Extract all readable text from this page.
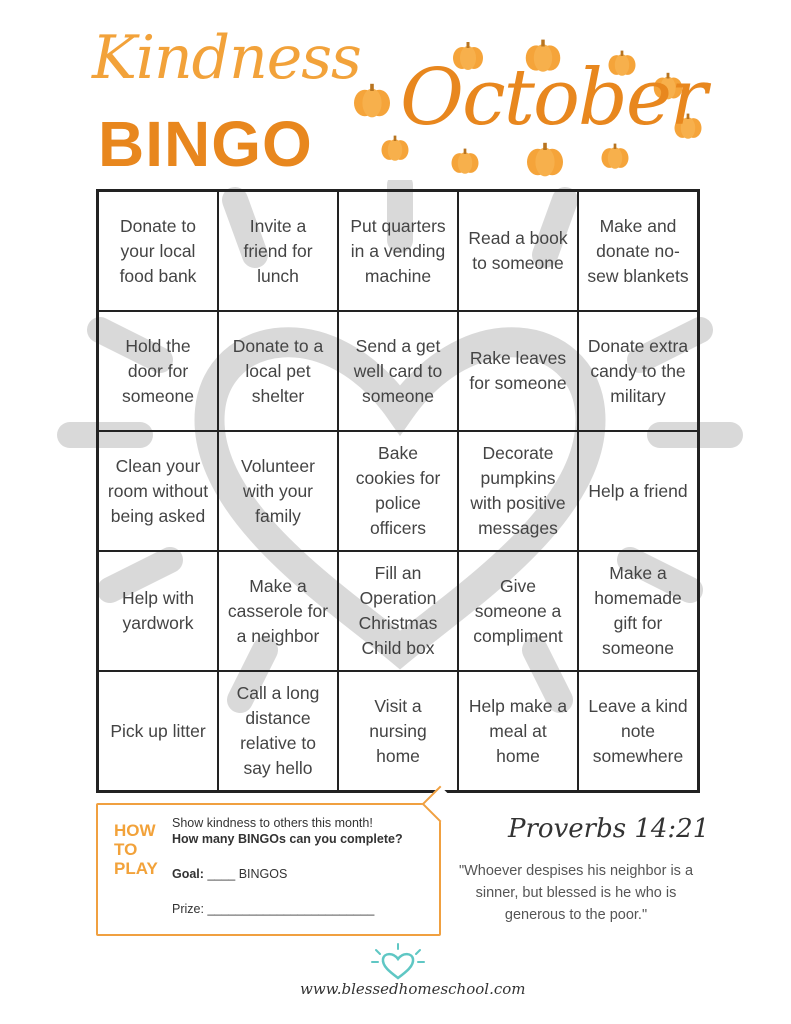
Kindness
BINGO
October
Donate to your local food bank
Invite a friend for lunch
Put quarters in a vending machine
Read a book to someone
Make and donate no-sew blankets
Hold the door for someone
Donate to a local pet shelter
Send a get well card to someone
Rake leaves for someone
Donate extra candy to the military
Clean your room without being asked
Volunteer with your family
Bake cookies for police officers
Decorate pumpkins with positive messages
Help a friend
Help with yardwork
Make a casserole for a neighbor
Fill an Operation Christmas Child box
Give someone a compliment
Make a homemade gift for someone
Pick up litter
Call a long distance relative to say hello
Visit a nursing home
Help make a meal at home
Leave a kind note somewhere
HOW
TO
PLAY
Show kindness to others this month!
How many BINGOs can you complete?
Goal: ____ BINGOS
Prize: ________________________
Proverbs 14:21
"Whoever despises his neighbor is a sinner, but blessed is he who is generous to the poor."
www.blessedhomeschool.com
